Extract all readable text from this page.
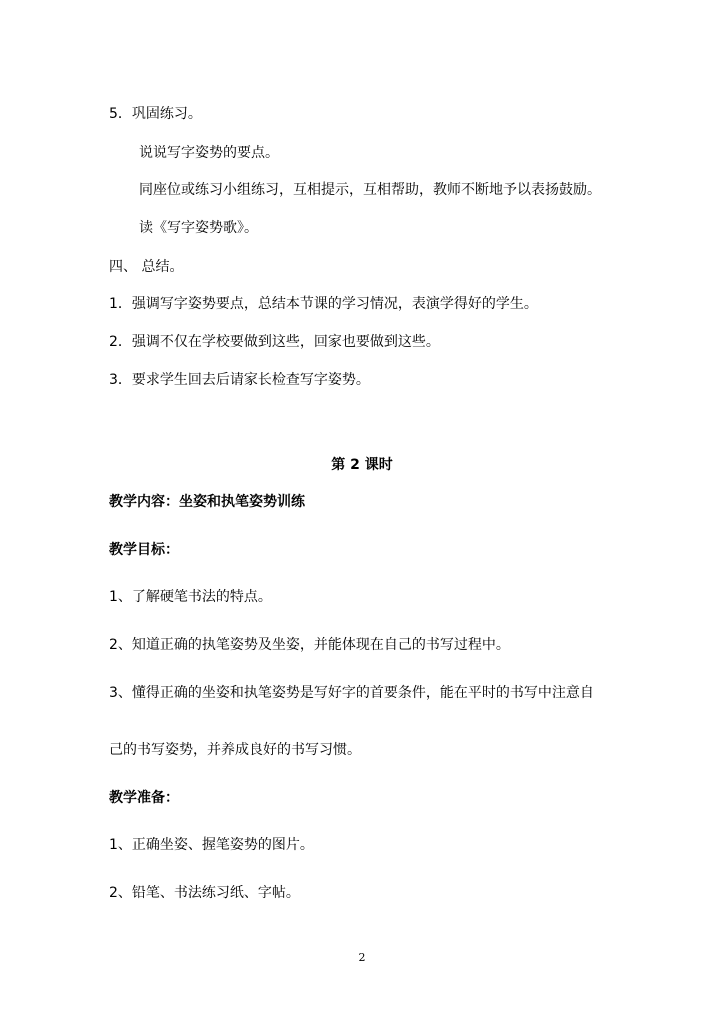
5．巩固练习。
说说写字姿势的要点。
同座位或练习小组练习，互相提示，互相帮助，教师不断地予以表扬鼓励。
读《写字姿势歌》。
四、 总结。
1．强调写字姿势要点，总结本节课的学习情况，表演学得好的学生。
2．强调不仅在学校要做到这些，回家也要做到这些。
3．要求学生回去后请家长检查写字姿势。
第 2 课时
教学内容：坐姿和执笔姿势训练
教学目标：
1、了解硬笔书法的特点。
2、知道正确的执笔姿势及坐姿，并能体现在自己的书写过程中。
3、懂得正确的坐姿和执笔姿势是写好字的首要条件，能在平时的书写中注意自
己的书写姿势，并养成良好的书写习惯。
教学准备：
1、正确坐姿、握笔姿势的图片。
2、铅笔、书法练习纸、字帖。
2
